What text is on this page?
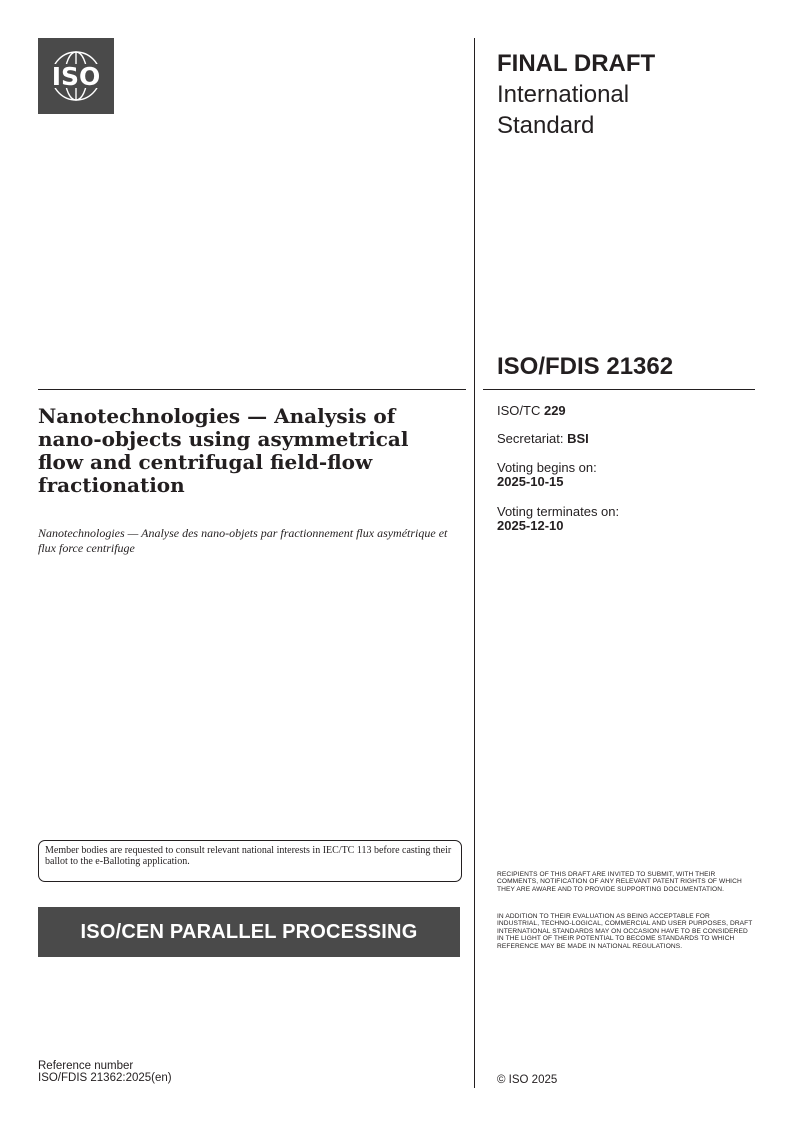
ISO	FINAL DRAFT
International
Standard
ISO/FDIS 21362
Nanotechnologies — Analysis of nano-objects using asymmetrical flow and centrifugal field-flow fractionation
Nanotechnologies — Analyse des nano-objets par fractionnement flux asymétrique et flux force centrifuge
ISO/TC 229
Secretariat: BSI
Voting begins on:
2025-10-15
Voting terminates on:
2025-12-10
Member bodies are requested to consult relevant national interests in IEC/TC 113 before casting their ballot to the e-Balloting application.
ISO/CEN PARALLEL PROCESSING
RECIPIENTS OF THIS DRAFT ARE INVITED TO SUBMIT, WITH THEIR COMMENTS, NOTIFICATION OF ANY RELEVANT PATENT RIGHTS OF WHICH THEY ARE AWARE AND TO PROVIDE SUPPORTING DOCUMENTATION.
IN ADDITION TO THEIR EVALUATION AS BEING ACCEPTABLE FOR INDUSTRIAL, TECHNO-LOGICAL, COMMERCIAL AND USER PURPOSES, DRAFT INTERNATIONAL STANDARDS MAY ON OCCASION HAVE TO BE CONSIDERED IN THE LIGHT OF THEIR POTENTIAL TO BECOME STANDARDS TO WHICH REFERENCE MAY BE MADE IN NATIONAL REGULATIONS.
Reference number
ISO/FDIS 21362:2025(en)	© ISO 2025
